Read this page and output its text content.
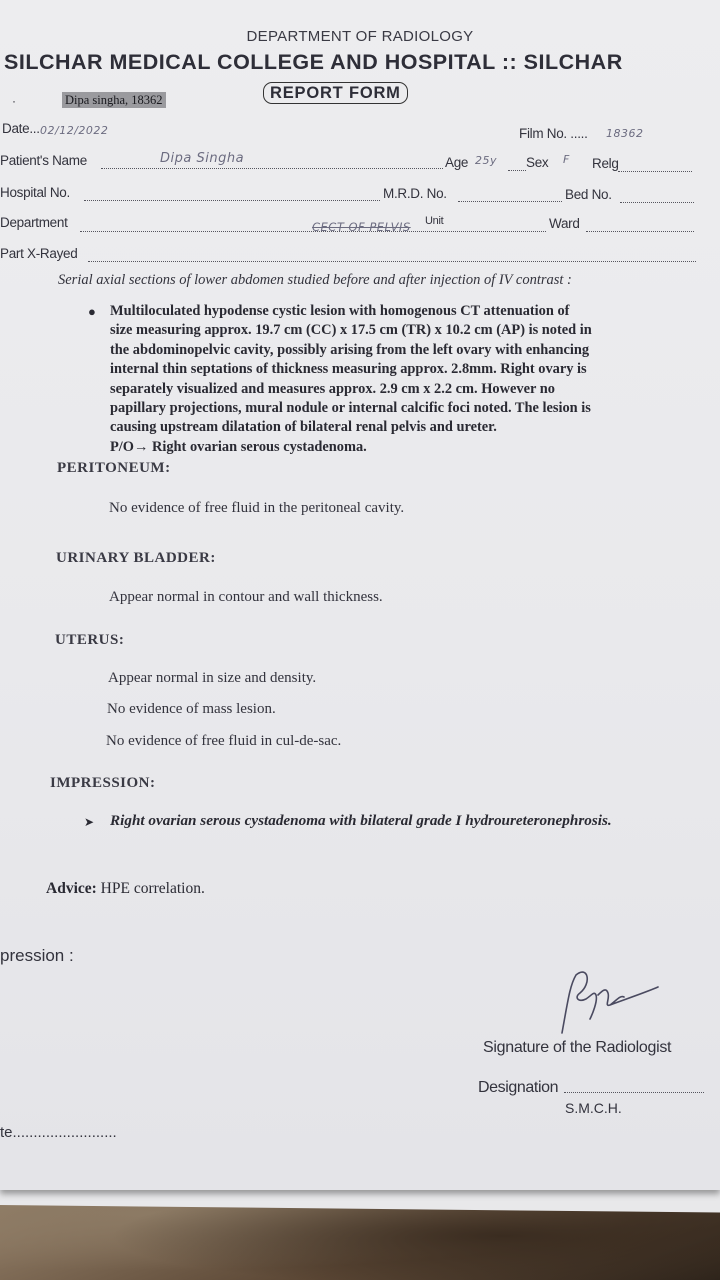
DEPARTMENT OF RADIOLOGY
SILCHAR MEDICAL COLLEGE AND HOSPITAL :: SILCHAR
·	Dipa singha, 18362	REPORT FORM
Date... 02/12/2022	Film No. ..... 18362
Patient's Name	Dipa Singha	Age 25y Sex F Relg
Hospital No.	M.R.D. No.	Bed No.
Department	CECT OF PELVIS Unit	Ward
Part X-Rayed
Serial axial sections of lower abdomen studied before and after injection of IV contrast :
● Multiloculated hypodense cystic lesion with homogenous CT attenuation of
size measuring approx. 19.7 cm (CC) x 17.5 cm (TR) x 10.2 cm (AP) is noted in
the abdominopelvic cavity, possibly arising from the left ovary with enhancing
internal thin septations of thickness measuring approx. 2.8mm. Right ovary is
separately visualized and measures approx. 2.9 cm x 2.2 cm. However no
papillary projections, mural nodule or internal calcific foci noted. The lesion is
causing upstream dilatation of bilateral renal pelvis and ureter.
P/O→ Right ovarian serous cystadenoma.
PERITONEUM:
No evidence of free fluid in the peritoneal cavity.
URINARY BLADDER:
Appear normal in contour and wall thickness.
UTERUS:
Appear normal in size and density.
No evidence of mass lesion.
No evidence of free fluid in cul-de-sac.
IMPRESSION:
➤ Right ovarian serous cystadenoma with bilateral grade I hydroureteronephrosis.
Advice: HPE correlation.
pression :
Signature of the Radiologist
Designation
S.M.C.H.
te.........................
